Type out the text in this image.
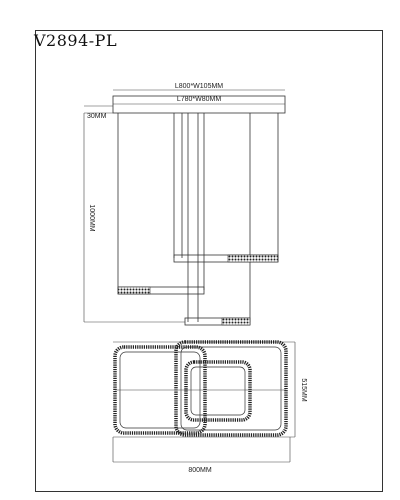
V2894-PL
L800*W105MM
L780*W80MM
30MM
1000MM
515MM
800MM
